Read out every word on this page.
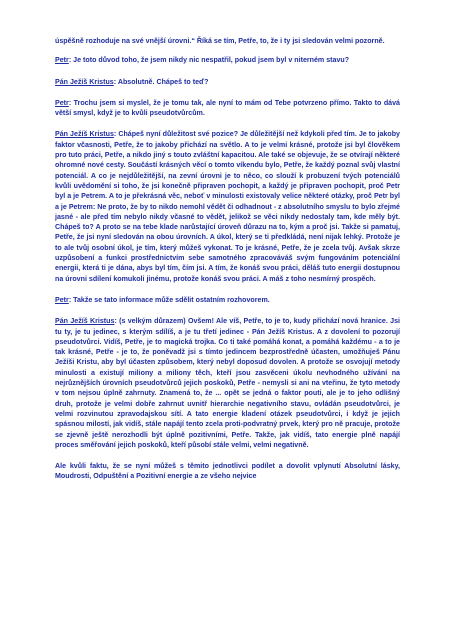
úspěšně rozhoduje na své vnější úrovni.“ Říká se tím, Petře, to, že i ty jsi sledován velmi pozorně.

Petr: Je toto důvod toho, že jsem nikdy nic nespatřil, pokud jsem byl v niterném stavu?

Pán Ježíš Kristus: Absolutně. Chápeš to teď?

Petr: Trochu jsem si myslel, že je tomu tak, ale nyní to mám od Tebe potvrzeno přímo. Takto to dává větší smysl, když je to kvůli pseudotvůrcům.

Pán Ježíš Kristus: Chápeš nyní důležitost své pozice? Je důležitější než kdykoli před tím. Je to jakoby faktor včasnosti, Petře, že to jakoby přichází na světlo. A to je velmi krásné, protože jsi byl člověkem pro tuto práci, Petře, a nikdo jiný s touto zvláštní kapacitou. Ale také se objevuje, že se otvírají některé ohromné nové cesty. Součástí krásných věcí o tomto víkendu bylo, Petře, že každý poznal svůj vlastní potenciál. A co je nejdůležitější, na zevní úrovni je to něco, co slouží k probuzení tvých potenciálů kvůli uvědomění si toho, že jsi konečně připraven pochopit, a každý je připraven pochopit, proč Petr byl a je Petrem. A to je překrásná věc, neboť v minulosti existovaly velice některé otázky, proč Petr byl a je Petrem: Ne proto, že by to nikdo nemohl vědět či odhadnout - z absolutního smyslu to bylo zřejmé jasné - ale před tím nebylo nikdy včasné to vědět, jelikož se věci nikdy nedostaly tam, kde měly být. Chápeš to? A proto se na tebe klade narůstající úroveň důrazu na to, kým a proč jsi. Takže si pamatuj, Petře, že jsi nyní sledován na obou úrovních. A úkol, který se ti předkládá, není nijak lehký. Protože je to ale tvůj osobní úkol, je tím, který můžeš vykonat. To je krásné, Petře, že je zcela tvůj. Avšak skrze uzpůsobení a funkci prostřednictvím sebe samotného zpracováváš svým fungováním potenciální energii, která ti je dána, abys byl tím, čím jsi. A tím, že konáš svou práci, děláš tuto energii dostupnou na úrovni sdílení komukoli jinému, protože konáš svou práci. A máš z toho nesmírný prospěch.

Petr: Takže se tato informace může sdělit ostatním rozhovorem.

Pán Ježíš Kristus: (s velkým důrazem) Ovšem! Ale víš, Petře, to je to, kudy přichází nová hranice. Jsi tu ty, je tu jedinec, s kterým sdílíš, a je tu třetí jedinec - Pán Ježíš Kristus. A z dovolení to pozorují pseudotvůrci. Vidíš, Petře, je to magická trojka. Co ti také pomáhá konat, a pomáhá každému - a to je tak krásné, Petře - je to, že poněvadž jsi s tímto jedincem bezprostředně účasten, umožňuješ Pánu Ježíši Kristu, aby byl účasten způsobem, který nebyl doposud dovolen. A protože se osvojují metody minulosti a existují miliony a miliony těch, kteří jsou zasvěceni úkolu nevhodného užívání na nejrůznějších úrovních pseudotvůrců jejich poskoků, Petře - nemysli si ani na vteřinu, že tyto metody v tom nejsou úplně zahrnuty. Znamená to, že ... opět se jedná o faktor pouti, ale je to jeho odlišný druh, protože je velmi dobře zahrnut uvnitř hierarchie negativního stavu, ovládán pseudotvůrci, je velmi rozvinutou zpravodajskou sítí. A tato energie kladení otázek pseudotvůrci, i když je jejich spásnou milostí, jak vidíš, stále napájí tento zcela proti-podvratný prvek, který pro ně pracuje, protože se zjevně ještě nerozhodli být úplně pozitivními, Petře. Takže, jak vidíš, tato energie plně napájí proces směřování jejich poskoků, kteří působí stále velmi, velmi negativně.

Ale kvůli faktu, že se nyní můžeš s těmito jednotlivci podílet a dovolit vplynutí Absolutní lásky, Moudrosti, Odpuštění a Pozitivní energie a ze všeho nejvice
